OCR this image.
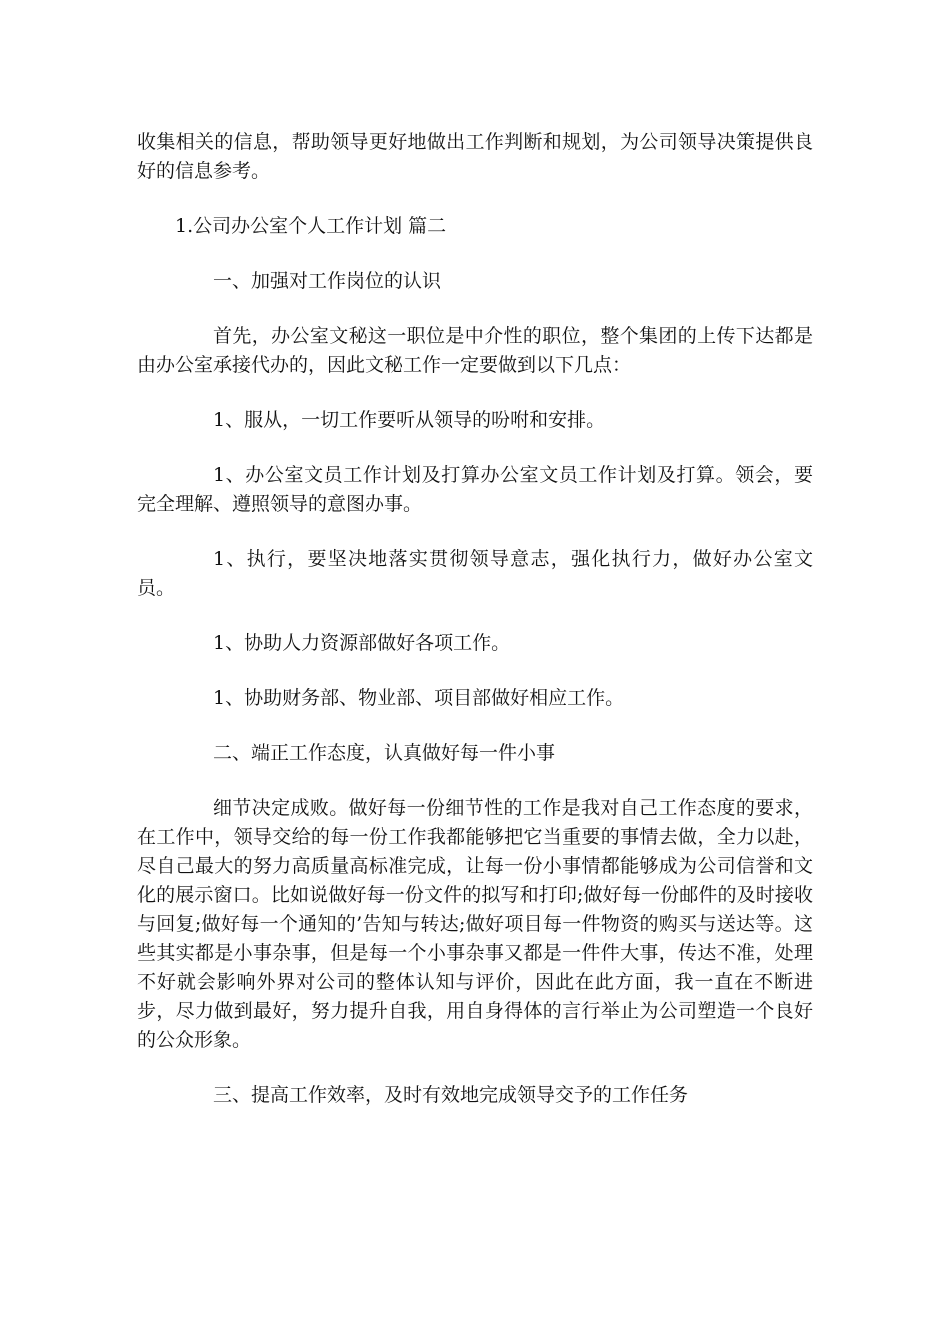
收集相关的信息，帮助领导更好地做出工作判断和规划，为公司领导决策提供良好的信息参考。

1.公司办公室个人工作计划 篇二

一、加强对工作岗位的认识

首先，办公室文秘这一职位是中介性的职位，整个集团的上传下达都是由办公室承接代办的，因此文秘工作一定要做到以下几点：

1、服从，一切工作要听从领导的吩咐和安排。

1、办公室文员工作计划及打算办公室文员工作计划及打算。领会，要完全理解、遵照领导的意图办事。

1、执行，要坚决地落实贯彻领导意志，强化执行力，做好办公室文员。

1、协助人力资源部做好各项工作。

1、协助财务部、物业部、项目部做好相应工作。

二、端正工作态度，认真做好每一件小事

细节决定成败。做好每一份细节性的工作是我对自己工作态度的要求，在工作中，领导交给的每一份工作我都能够把它当重要的事情去做，全力以赴，尽自己最大的努力高质量高标准完成，让每一份小事情都能够成为公司信誉和文化的展示窗口。比如说做好每一份文件的拟写和打印;做好每一份邮件的及时接收与回复;做好每一个通知的’告知与转达;做好项目每一件物资的购买与送达等。这些其实都是小事杂事，但是每一个小事杂事又都是一件件大事，传达不准，处理不好就会影响外界对公司的整体认知与评价，因此在此方面，我一直在不断进步，尽力做到最好，努力提升自我，用自身得体的言行举止为公司塑造一个良好的公众形象。

三、提高工作效率，及时有效地完成领导交予的工作任务
